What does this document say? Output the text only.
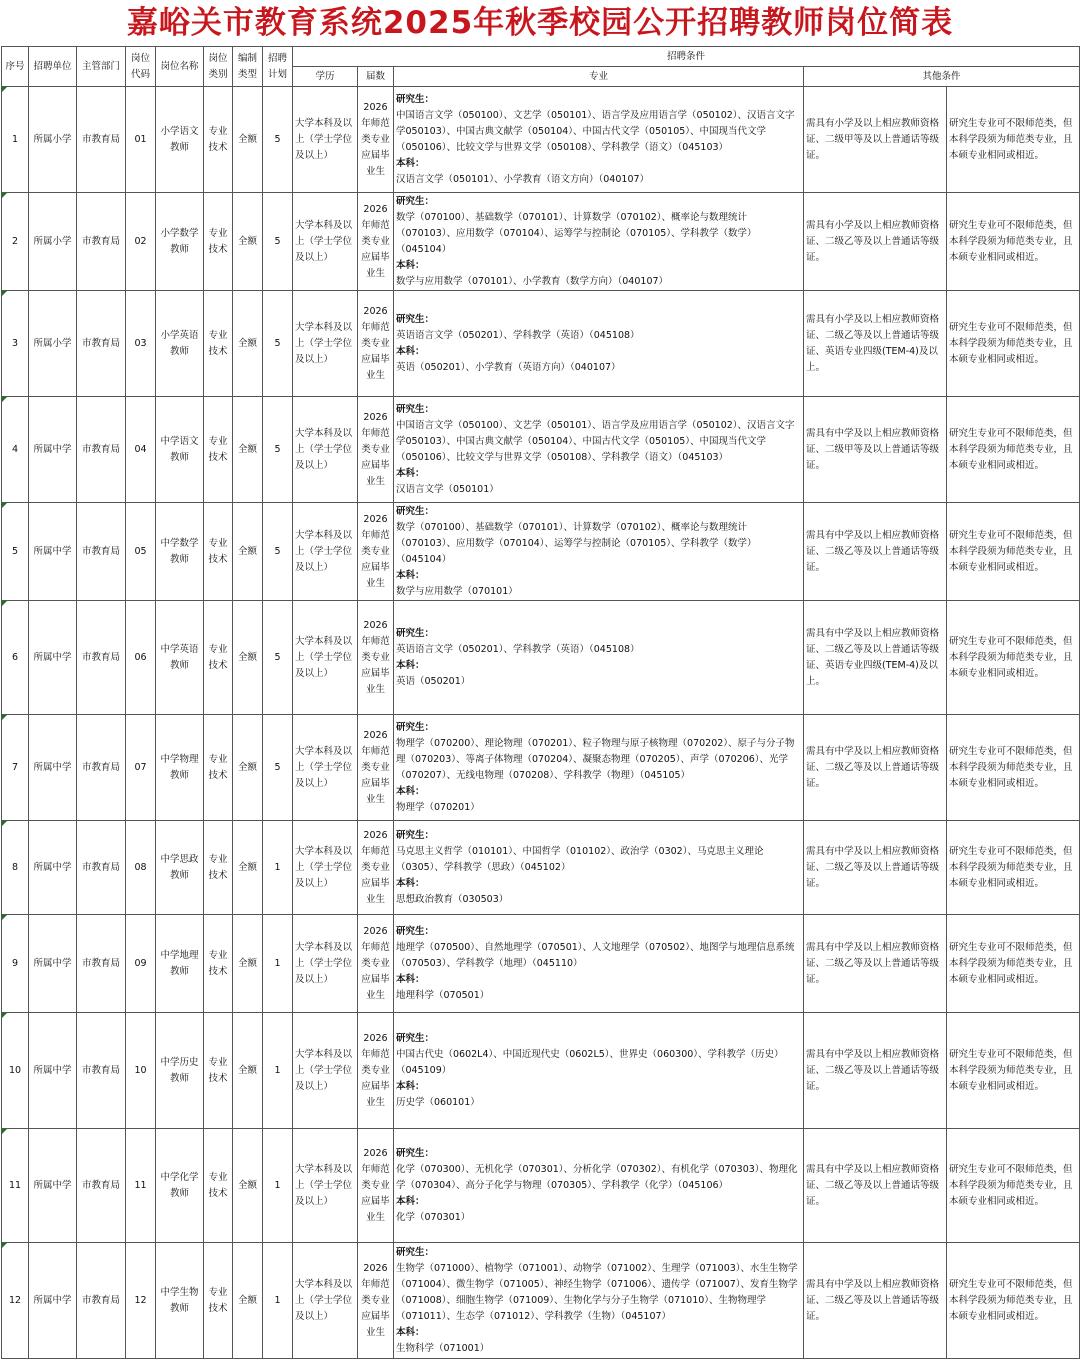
嘉峪关市教育系统2025年秋季校园公开招聘教师岗位简表
序号	招聘单位	主管部门	岗位代码	岗位名称	岗位类别	编制类型	招聘计划	招聘条件				
								学历	届数	专业	其他条件	
1	所属小学	市教育局	01	小学语文教师	专业技术	全额	5	大学本科及以上（学士学位及以上）	2026年师范类专业应届毕业生	研究生：
中国语言文学（050100）、文艺学（050101）、语言学及应用语言学（050102）、汉语言文字学050103）、中国古典文献学（050104）、中国古代文学（050105）、中国现当代文学（050106）、比较文学与世界文学（050108）、学科教学（语文）（045103）
本科：
汉语言文学（050101）、小学教育（语文方向）（040107）	需具有小学及以上相应教师资格证、二级甲等及以上普通话等级证。	研究生专业可不限师范类，但本科学段须为师范类专业，且本硕专业相同或相近。
2	所属小学	市教育局	02	小学数学教师	专业技术	全额	5	大学本科及以上（学士学位及以上）	2026年师范类专业应届毕业生	研究生：
数学（070100）、基础数学（070101）、计算数学（070102）、概率论与数理统计（070103）、应用数学（070104）、运筹学与控制论（070105）、学科教学（数学）（045104）
本科：
数学与应用数学（070101）、小学教育（数学方向）（040107）	需具有小学及以上相应教师资格证、二级乙等及以上普通话等级证。	研究生专业可不限师范类，但本科学段须为师范类专业，且本硕专业相同或相近。
3	所属小学	市教育局	03	小学英语教师	专业技术	全额	5	大学本科及以上（学士学位及以上）	2026年师范类专业应届毕业生	研究生：
英语语言文学（050201）、学科教学（英语）（045108）
本科：
英语（050201）、小学教育（英语方向）（040107）	需具有小学及以上相应教师资格证、二级乙等及以上普通话等级证、英语专业四级(TEM-4)及以上。	研究生专业可不限师范类，但本科学段须为师范类专业，且本硕专业相同或相近。
4	所属中学	市教育局	04	中学语文教师	专业技术	全额	5	大学本科及以上（学士学位及以上）	2026年师范类专业应届毕业生	研究生：
中国语言文学（050100）、文艺学（050101）、语言学及应用语言学（050102）、汉语言文字学050103）、中国古典文献学（050104）、中国古代文学（050105）、中国现当代文学（050106）、比较文学与世界文学（050108）、学科教学（语文）（045103）
本科：
汉语言文学（050101）	需具有中学及以上相应教师资格证、二级甲等及以上普通话等级证。	研究生专业可不限师范类，但本科学段须为师范类专业，且本硕专业相同或相近。
5	所属中学	市教育局	05	中学数学教师	专业技术	全额	5	大学本科及以上（学士学位及以上）	2026年师范类专业应届毕业生	研究生：
数学（070100）、基础数学（070101）、计算数学（070102）、概率论与数理统计（070103）、应用数学（070104）、运筹学与控制论（070105）、学科教学（数学）（045104）
本科：
数学与应用数学（070101）	需具有中学及以上相应教师资格证、二级乙等及以上普通话等级证。	研究生专业可不限师范类，但本科学段须为师范类专业，且本硕专业相同或相近。
6	所属中学	市教育局	06	中学英语教师	专业技术	全额	5	大学本科及以上（学士学位及以上）	2026年师范类专业应届毕业生	研究生：
英语语言文学（050201）、学科教学（英语）（045108）
本科：
英语（050201）	需具有中学及以上相应教师资格证、二级乙等及以上普通话等级证、英语专业四级(TEM-4)及以上。	研究生专业可不限师范类，但本科学段须为师范类专业，且本硕专业相同或相近。
7	所属中学	市教育局	07	中学物理教师	专业技术	全额	5	大学本科及以上（学士学位及以上）	2026年师范类专业应届毕业生	研究生：
物理学（070200）、理论物理（070201）、粒子物理与原子核物理（070202）、原子与分子物理（070203）、等离子体物理（070204）、凝聚态物理（070205）、声学（070206）、光学（070207）、无线电物理（070208）、学科教学（物理）（045105）
本科：
物理学（070201）	需具有中学及以上相应教师资格证、二级乙等及以上普通话等级证。	研究生专业可不限师范类，但本科学段须为师范类专业，且本硕专业相同或相近。
8	所属中学	市教育局	08	中学思政教师	专业技术	全额	1	大学本科及以上（学士学位及以上）	2026年师范类专业应届毕业生	研究生：
马克思主义哲学（010101）、中国哲学（010102）、政治学（0302）、马克思主义理论（0305）、学科教学（思政）（045102）
本科：
思想政治教育（030503）	需具有中学及以上相应教师资格证、二级乙等及以上普通话等级证。	研究生专业可不限师范类，但本科学段须为师范类专业，且本硕专业相同或相近。
9	所属中学	市教育局	09	中学地理教师	专业技术	全额	1	大学本科及以上（学士学位及以上）	2026年师范类专业应届毕业生	研究生：
地理学（070500）、自然地理学（070501）、人文地理学（070502）、地图学与地理信息系统（070503）、学科教学（地理）（045110）
本科：
地理科学（070501）	需具有中学及以上相应教师资格证、二级乙等及以上普通话等级证。	研究生专业可不限师范类，但本科学段须为师范类专业，且本硕专业相同或相近。
10	所属中学	市教育局	10	中学历史教师	专业技术	全额	1	大学本科及以上（学士学位及以上）	2026年师范类专业应届毕业生	研究生：
中国古代史（0602L4）、中国近现代史（0602L5）、世界史（060300）、学科教学（历史）（045109）
本科：
历史学（060101）	需具有中学及以上相应教师资格证、二级乙等及以上普通话等级证。	研究生专业可不限师范类，但本科学段须为师范类专业，且本硕专业相同或相近。
11	所属中学	市教育局	11	中学化学教师	专业技术	全额	1	大学本科及以上（学士学位及以上）	2026年师范类专业应届毕业生	研究生：
化学（070300）、无机化学（070301）、分析化学（070302）、有机化学（070303）、物理化学（070304）、高分子化学与物理（070305）、学科教学（化学）（045106）
本科：
化学（070301）	需具有中学及以上相应教师资格证、二级乙等及以上普通话等级证。	研究生专业可不限师范类，但本科学段须为师范类专业，且本硕专业相同或相近。
12	所属中学	市教育局	12	中学生物教师	专业技术	全额	1	大学本科及以上（学士学位及以上）	2026年师范类专业应届毕业生	研究生：
生物学（071000）、植物学（071001）、动物学（071002）、生理学（071003）、水生生物学（071004）、微生物学（071005）、神经生物学（071006）、遗传学（071007）、发育生物学（071008）、细胞生物学（071009）、生物化学与分子生物学（071010）、生物物理学（071011）、生态学（071012）、学科教学（生物）（045107）
本科：
生物科学（071001）	需具有中学及以上相应教师资格证、二级乙等及以上普通话等级证。	研究生专业可不限师范类，但本科学段须为师范类专业，且本硕专业相同或相近。
